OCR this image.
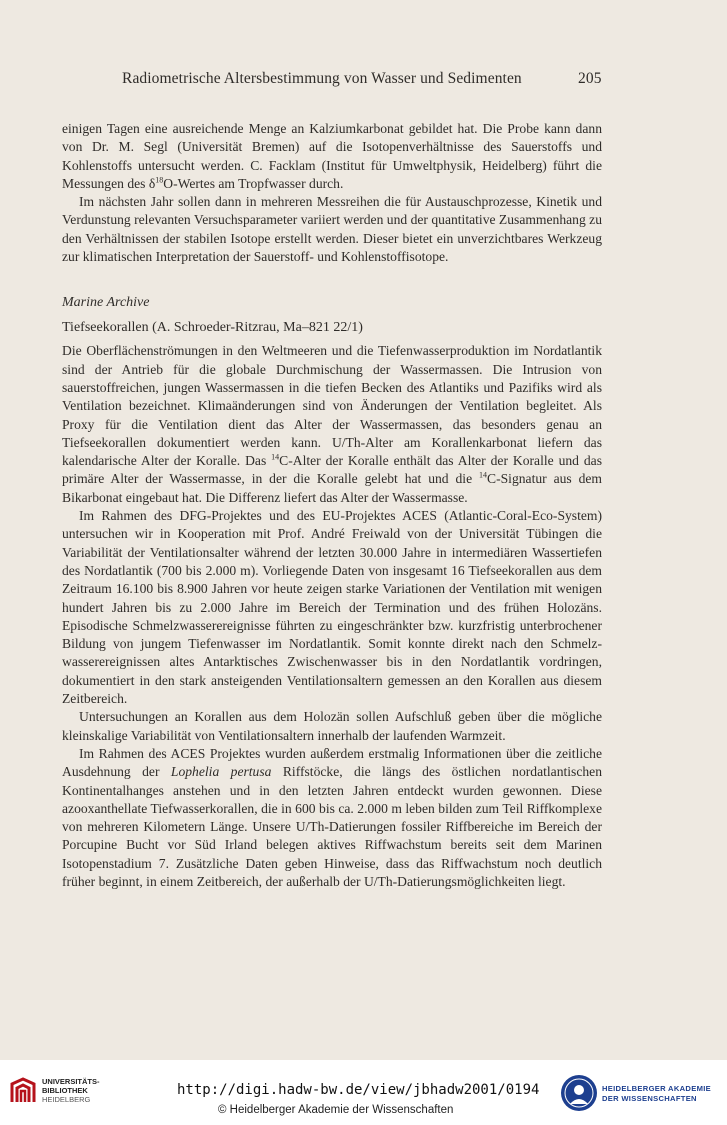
Radiometrische Altersbestimmung von Wasser und Sedimenten	205

einigen Tagen eine ausreichende Menge an Kalziumkarbonat gebildet hat. Die Probe kann dann von Dr. M. Segl (Universität Bremen) auf die Isotopenverhältnisse des Sauerstoffs und Kohlenstoffs untersucht werden. C. Facklam (Institut für Umweltphysik, Heidelberg) führt die Messungen des $\delta^{18}O$-Wertes am Tropfwasser durch.

Im nächsten Jahr sollen dann in mehreren Messreihen die für Austauschprozesse, Kinetik und Verdunstung relevanten Versuchsparameter variiert werden und der quantitative Zusammenhang zu den Verhältnissen der stabilen Isotope erstellt werden. Dieser bietet ein unverzichtbares Werkzeug zur klimatischen Interpretation der Sauerstoff- und Kohlenstoffisotope.

Marine Archive
Tiefseekorallen (A. Schroeder-Ritzrau, Ma–821 22/1)

Die Oberflächenströmungen in den Weltmeeren und die Tiefenwasserproduktion im Nordatlantik sind der Antrieb für die globale Durchmischung der Wassermassen. Die Intrusion von sauerstoffreichen, jungen Wassermassen in die tiefen Becken des Atlantiks und Pazifiks wird als Ventilation bezeichnet. Klimaänderungen sind von Änderungen der Ventilation begleitet. Als Proxy für die Ventilation dient das Alter der Wassermassen, das besonders genau an Tiefseekorallen dokumentiert werden kann. U/Th-Alter am Korallenkarbonat liefern das kalendarische Alter der Koralle. Das $^{14}$C-Alter der Koralle enthält das Alter der Koralle und das primäre Alter der Wassermasse, in der die Koralle gelebt hat und die $^{14}$C-Signatur aus dem Bikarbonat eingebaut hat. Die Differenz liefert das Alter der Wassermasse.

Im Rahmen des DFG-Projektes und des EU-Projektes ACES (Atlantic-Coral-Eco-System) untersuchen wir in Kooperation mit Prof. André Freiwald von der Universität Tübingen die Variabilität der Ventilationsalter während der letzten 30.000 Jahre in intermediären Wassertiefen des Nordatlantik (700 bis 2.000 m). Vorliegende Daten von insgesamt 16 Tiefseekorallen aus dem Zeitraum 16.100 bis 8.900 Jahren vor heute zeigen starke Variationen der Ventilation mit wenigen hundert Jahren bis zu 2.000 Jahre im Bereich der Termination und des frühen Holozäns. Episodische Schmelzwasserereignisse führten zu eingeschränkter bzw. kurzfristig unterbrochener Bildung von jungem Tiefenwasser im Nordatlantik. Somit konnte direkt nach den Schmelzwasserereignissen altes Antarktisches Zwischenwasser bis in den Nordatlantik vordringen, dokumentiert in den stark ansteigenden Ventilationsaltern gemessen an den Korallen aus diesem Zeitbereich.

Untersuchungen an Korallen aus dem Holozän sollen Aufschluß geben über die mögliche kleinskalige Variabilität von Ventilationsaltern innerhalb der laufenden Warmzeit.

Im Rahmen des ACES Projektes wurden außerdem erstmalig Informationen über die zeitliche Ausdehnung der Lophelia pertusa Riffstöcke, die längs des östlichen nordatlantischen Kontinentalhanges anstehen und in den letzten Jahren entdeckt wurden gewonnen. Diese azooxanthellate Tiefwasserkorallen, die in 600 bis ca. 2.000 m leben bilden zum Teil Riffkomplexe von mehreren Kilometern Länge. Unsere U/Th-Datierungen fossiler Riffbereiche im Bereich der Porcupine Bucht vor Süd Irland belegen aktives Riffwachstum bereits seit dem Marinen Isotopenstadium 7. Zusätzliche Daten geben Hinweise, dass das Riffwachstum noch deutlich früher beginnt, in einem Zeitbereich, der außerhalb der U/Th-Datierungsmöglichkeiten liegt.

UNIVERSITÄTS-
BIBLIOTHEK
HEIDELBERG
http://digi.hadw-bw.de/view/jbhadw2001/0194
© Heidelberger Akademie der Wissenschaften
HEIDELBERGER AKADEMIE
DER WISSENSCHAFTEN
